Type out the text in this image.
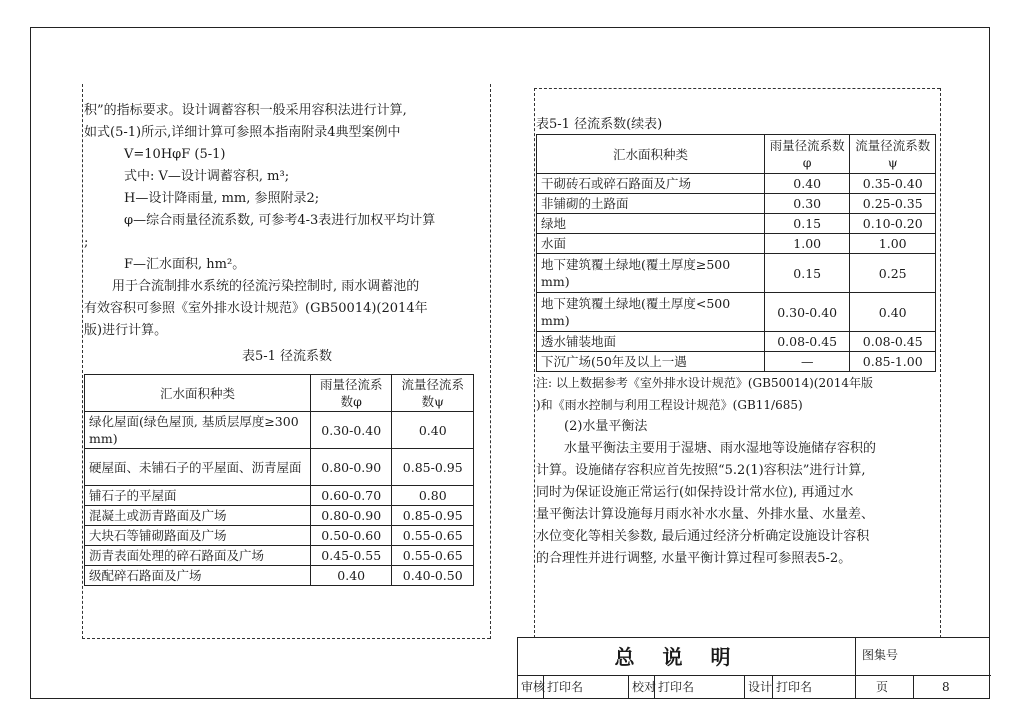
积”的指标要求。设计调蓄容积一般采用容积法进行计算,

如式(5-1)所示,详细计算可参照本指南附录4典型案例中

V=10HφF (5-1)

式中: V—设计调蓄容积, m³;

H—设计降雨量, mm, 参照附录2;

φ—综合雨量径流系数, 可参考4-3表进行加权平均计算

;

F—汇水面积, hm²。

用于合流制排水系统的径流污染控制时, 雨水调蓄池的

有效容积可参照《室外排水设计规范》(GB50014)(2014年

版)进行计算。

表5-1 径流系数
汇水面积种类	雨量径流系数φ	流量径流系数ψ
绿化屋面(绿色屋顶, 基质层厚度≥300 mm)	0.30-0.40	0.40
硬屋面、未铺石子的平屋面、沥青屋面	0.80-0.90	0.85-0.95
铺石子的平屋面	0.60-0.70	0.80
混凝土或沥青路面及广场	0.80-0.90	0.85-0.95
大块石等铺砌路面及广场	0.50-0.60	0.55-0.65
沥青表面处理的碎石路面及广场	0.45-0.55	0.55-0.65
级配碎石路面及广场	0.40	0.40-0.50
表5-1 径流系数(续表)
汇水面积种类	雨量径流系数φ	流量径流系数ψ
干砌砖石或碎石路面及广场	0.40	0.35-0.40
非铺砌的土路面	0.30	0.25-0.35
绿地	0.15	0.10-0.20
水面	1.00	1.00
地下建筑覆土绿地(覆土厚度≥500 mm)	0.15	0.25
地下建筑覆土绿地(覆土厚度<500 mm)	0.30-0.40	0.40
透水铺装地面	0.08-0.45	0.08-0.45
下沉广场(50年及以上一遇	—	0.85-1.00

注: 以上数据参考《室外排水设计规范》(GB50014)(2014年版

)和《雨水控制与利用工程设计规范》(GB11/685)

(2)水量平衡法

水量平衡法主要用于湿塘、雨水湿地等设施储存容积的

计算。设施储存容积应首先按照“5.2(1)容积法”进行计算,

同时为保证设施正常运行(如保持设计常水位), 再通过水

量平衡法计算设施每月雨水补水水量、外排水量、水量差、

水位变化等相关参数, 最后通过经济分析确定设施设计容积

的合理性并进行调整, 水量平衡计算过程可参照表5-2。

总说明	图集号
审核 打印名	校对 打印名	设计 打印名	页	8
